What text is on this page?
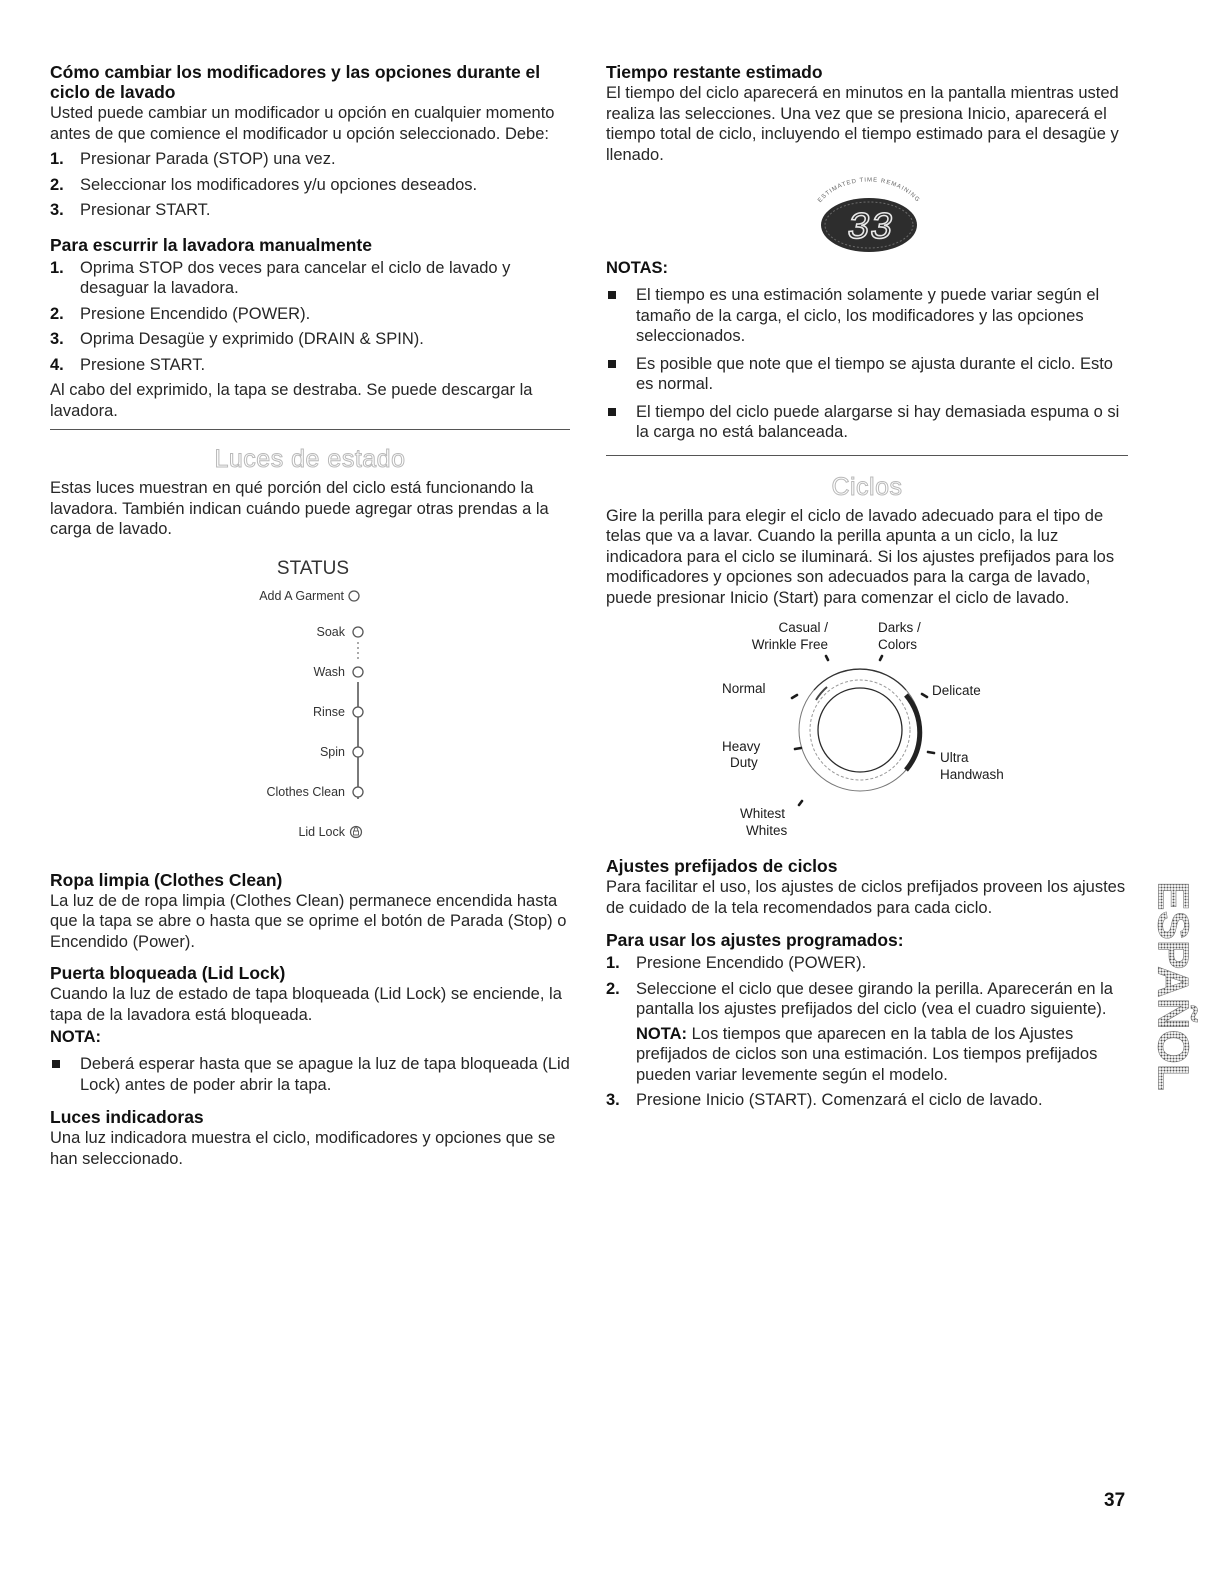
Cómo cambiar los modificadores y las opciones durante el ciclo de lavado

Usted puede cambiar un modificador u opción en cualquier momento antes de que comience el modificador u opción seleccionado. Debe:

1. Presionar Parada (STOP) una vez.
2. Seleccionar los modificadores y/u opciones deseados.
3. Presionar START.
Para escurrir la lavadora manualmente
1. Oprima STOP dos veces para cancelar el ciclo de lavado y desaguar la lavadora.
2. Presione Encendido (POWER).
3. Oprima Desagüe y exprimido (DRAIN & SPIN).
4. Presione START.

Al cabo del exprimido, la tapa se destraba. Se puede descargar la lavadora.

Luces de estado

Estas luces muestran en qué porción del ciclo está funcionando la lavadora. También indican cuándo puede agregar otras prendas a la carga de lavado.

STATUS
Add A Garment
Soak
Wash
Rinse
Spin
Clothes Clean
Lid Lock
Ropa limpia (Clothes Clean)

La luz de de ropa limpia (Clothes Clean) permanece encendida hasta que la tapa se abre o hasta que se oprime el botón de Parada (Stop) o Encendido (Power).

Puerta bloqueada (Lid Lock)

Cuando la luz de estado de tapa bloqueada (Lid Lock) se enciende, la tapa de la lavadora está bloqueada.

NOTA:
Deberá esperar hasta que se apague la luz de tapa bloqueada (Lid Lock) antes de poder abrir la tapa.
Luces indicadoras

Una luz indicadora muestra el ciclo, modificadores y opciones que se han seleccionado.

Tiempo restante estimado

El tiempo del ciclo aparecerá en minutos en la pantalla mientras usted realiza las selecciones. Una vez que se presiona Inicio, aparecerá el tiempo total de ciclo, incluyendo el tiempo estimado para el desagüe y llenado.

ESTIMATED TIME REMAINING
33
NOTAS:
El tiempo es una estimación solamente y puede variar según el tamaño de la carga, el ciclo, los modificadores y las opciones seleccionados.
Es posible que note que el tiempo se ajusta durante el ciclo. Esto es normal.
El tiempo del ciclo puede alargarse si hay demasiada espuma o si la carga no está balanceada.
Ciclos

Gire la perilla para elegir el ciclo de lavado adecuado para el tipo de telas que va a lavar. Cuando la perilla apunta a un ciclo, la luz indicadora para el ciclo se iluminará. Si los ajustes prefijados para los modificadores y opciones son adecuados para la carga de lavado, puede presionar Inicio (Start) para comenzar el ciclo de lavado.

Casual /
Wrinkle Free
Darks /
Colors
Normal	Delicate
Heavy
Duty	Ultra
Handwash
Whitest
Whites
Ajustes prefijados de ciclos

Para facilitar el uso, los ajustes de ciclos prefijados proveen los ajustes de cuidado de la tela recomendados para cada ciclo.

Para usar los ajustes programados:
1. Presione Encendido (POWER).
2. Seleccione el ciclo que desee girando la perilla. Aparecerán en la pantalla los ajustes prefijados del ciclo (vea el cuadro siguiente).
NOTA: Los tiempos que aparecen en la tabla de los Ajustes prefijados de ciclos son una estimación. Los tiempos prefijados pueden variar levemente según el modelo.
3. Presione Inicio (START). Comenzará el ciclo de lavado.
ESPAÑOL
37
